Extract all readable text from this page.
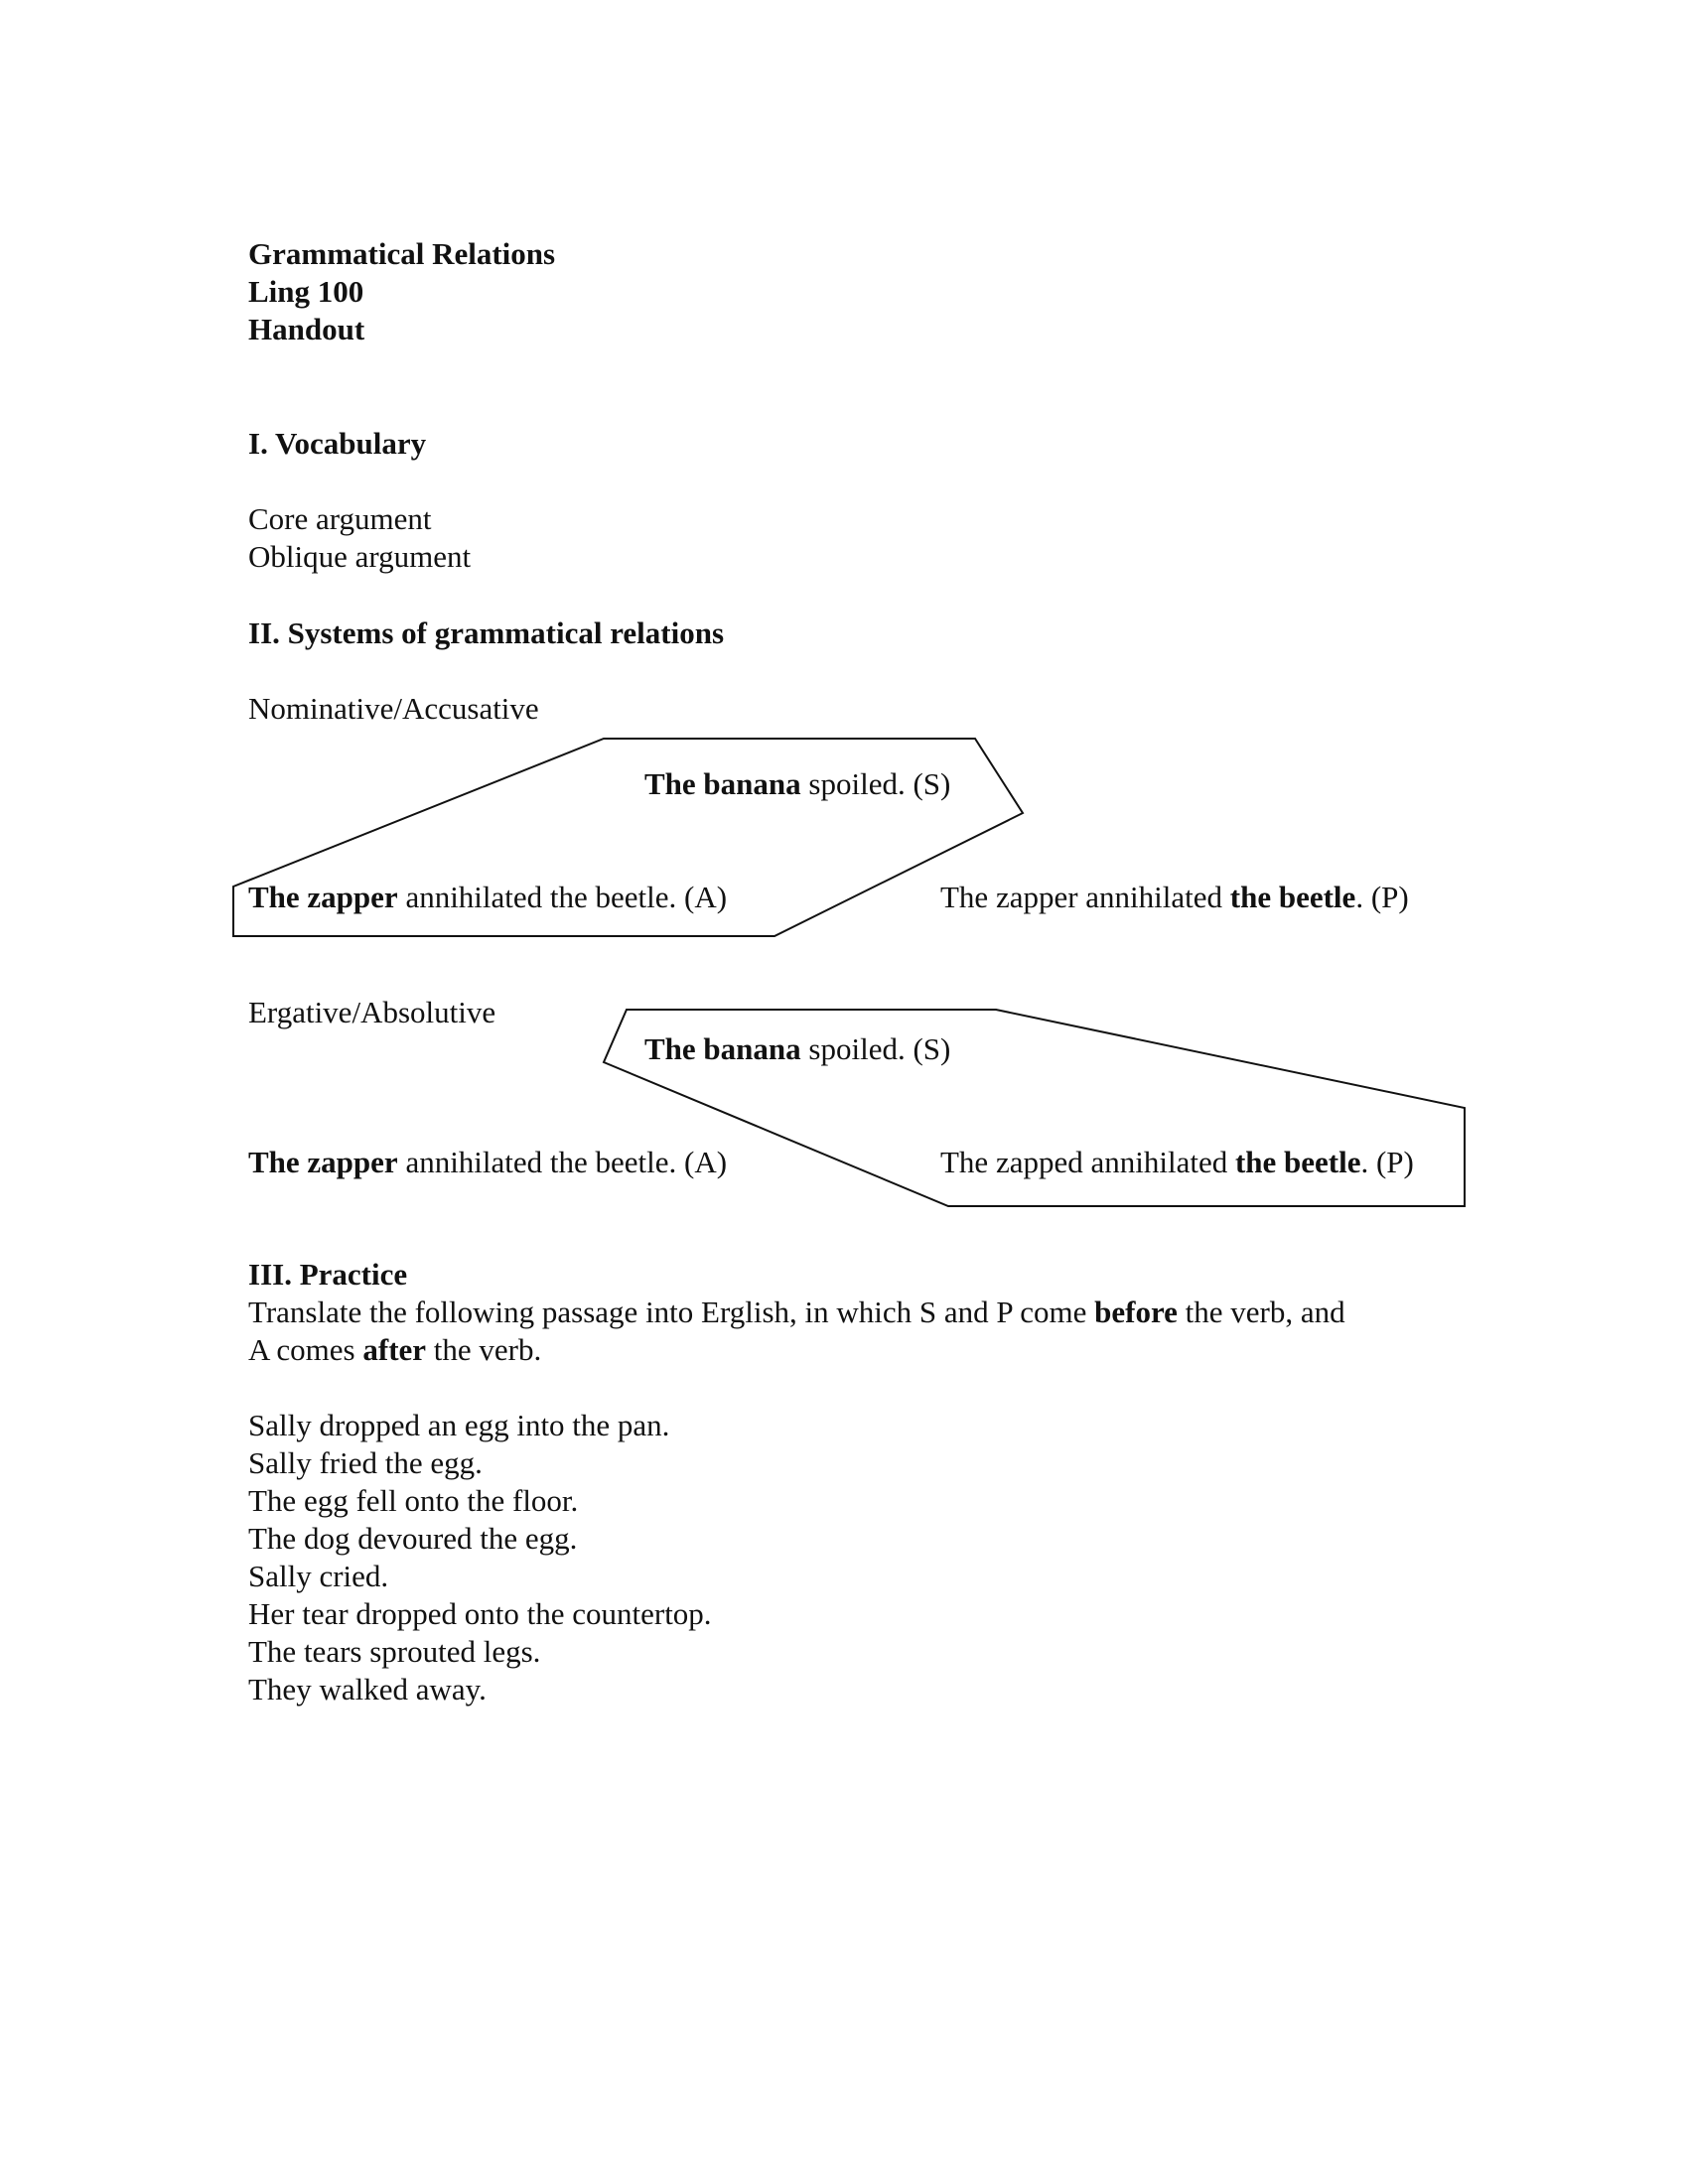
Grammatical Relations
Ling 100
Handout
I. Vocabulary
Core argument
Oblique argument
II. Systems of grammatical relations
Nominative/Accusative
The banana spoiled. (S)
The zapper annihilated the beetle. (A)	The zapper annihilated the beetle. (P)
Ergative/Absolutive
The banana spoiled. (S)
The zapper annihilated the beetle. (A)	The zapped annihilated the beetle. (P)
III. Practice
Translate the following passage into Erglish, in which S and P come before the verb, and
A comes after the verb.
Sally dropped an egg into the pan.
Sally fried the egg.
The egg fell onto the floor.
The dog devoured the egg.
Sally cried.
Her tear dropped onto the countertop.
The tears sprouted legs.
They walked away.
